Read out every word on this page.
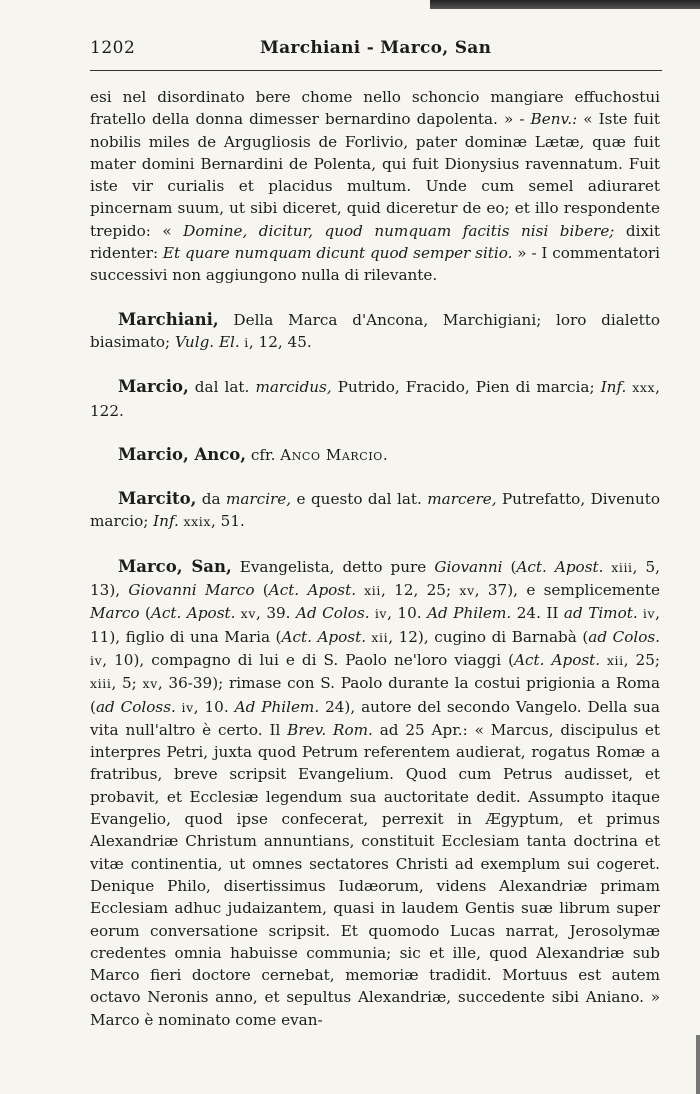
1202	Marchiani - Marco, San

esi nel disordinato bere chome nello schoncio mangiare effuchostui fratello della donna dimesser bernardino dapolenta. » - Benv.: « Iste fuit nobilis miles de Argugliosis de Forlivio, pater dominæ Lætæ, quæ fuit mater domini Bernardini de Polenta, qui fuit Dionysius ravennatum. Fuit iste vir curialis et placidus multum. Unde cum semel adiuraret pincernam suum, ut sibi diceret, quid diceretur de eo; et illo respondente trepido: « Domine, dicitur, quod numquam facitis nisi bibere; dixit ridenter: Et quare numquam dicunt quod semper sitio. » - I commentatori successivi non aggiungono nulla di rilevante.

Marchiani, Della Marca d'Ancona, Marchigiani; loro dialetto biasimato; Vulg. El. i, 12, 45.

Marcio, dal lat. marcidus, Putrido, Fracido, Pien di marcia; Inf. xxx, 122.

Marcio, Anco, cfr. Anco Marcio.

Marcito, da marcire, e questo dal lat. marcere, Putrefatto, Divenuto marcio; Inf. xxix, 51.

Marco, San, Evangelista, detto pure Giovanni (Act. Apost. xiii, 5, 13), Giovanni Marco (Act. Apost. xii, 12, 25; xv, 37), e semplicemente Marco (Act. Apost. xv, 39. Ad Colos. iv, 10. Ad Philem. 24. II ad Timot. iv, 11), figlio di una Maria (Act. Apost. xii, 12), cugino di Barnabà (ad Colos. iv, 10), compagno di lui e di S. Paolo ne'loro viaggi (Act. Apost. xii, 25; xiii, 5; xv, 36-39); rimase con S. Paolo durante la costui prigionia a Roma (ad Coloss. iv, 10. Ad Philem. 24), autore del secondo Vangelo. Della sua vita null'altro è certo. Il Brev. Rom. ad 25 Apr.: « Marcus, discipulus et interpres Petri, juxta quod Petrum referentem audierat, rogatus Romæ a fratribus, breve scripsit Evangelium. Quod cum Petrus audisset, et probavit, et Ecclesiæ legendum sua auctoritate dedit. Assumpto itaque Evangelio, quod ipse confecerat, perrexit in Ægyptum, et primus Alexandriæ Christum annuntians, constituit Ecclesiam tanta doctrina et vitæ continentia, ut omnes sectatores Christi ad exemplum sui cogeret. Denique Philo, disertissimus Iudæorum, videns Alexandriæ primam Ecclesiam adhuc judaizantem, quasi in laudem Gentis suæ librum super eorum conversatione scripsit. Et quomodo Lucas narrat, Jerosolymæ credentes omnia habuisse communia; sic et ille, quod Alexandriæ sub Marco fieri doctore cernebat, memoriæ tradidit. Mortuus est autem octavo Neronis anno, et sepultus Alexandriæ, succedente sibi Aniano. » Marco è nominato come evan-
